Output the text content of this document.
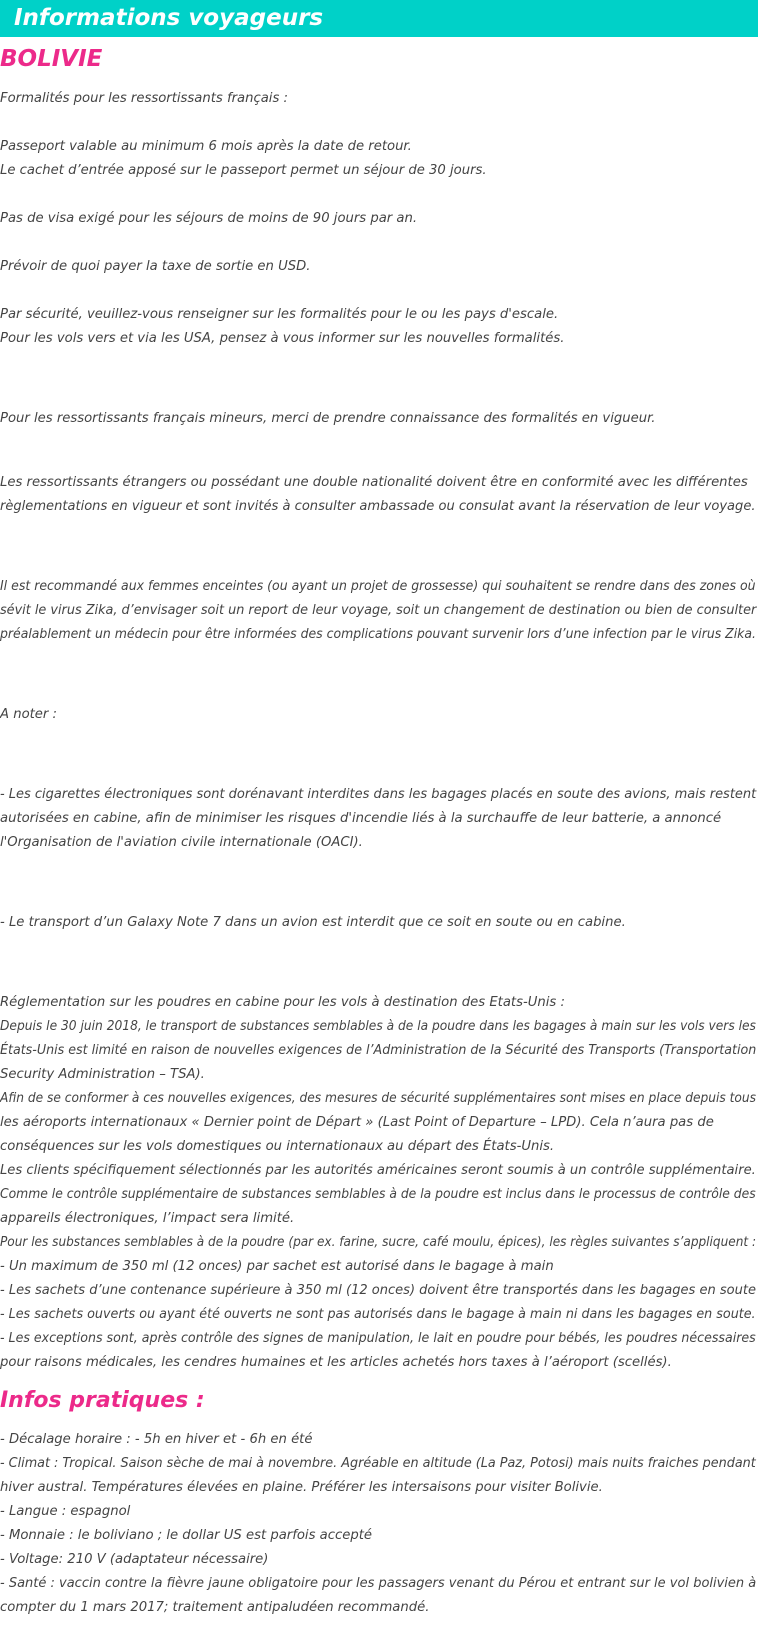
Informations voyageurs
BOLIVIE

Formalités pour les ressortissants français :

Passeport valable au minimum 6 mois après la date de retour.

Le cachet d’entrée apposé sur le passeport permet un séjour de 30 jours.

Pas de visa exigé pour les séjours de moins de 90 jours par an.

Prévoir de quoi payer la taxe de sortie en USD.

Par sécurité, veuillez-vous renseigner sur les formalités pour le ou les pays d'escale.

Pour les vols vers et via les USA, pensez à vous informer sur les nouvelles formalités.

Pour les ressortissants français mineurs, merci de prendre connaissance des formalités en vigueur.

Les ressortissants étrangers ou possédant une double nationalité doivent être en conformité avec les différentes

règlementations en vigueur et sont invités à consulter ambassade ou consulat avant la réservation de leur voyage.

Il est recommandé aux femmes enceintes (ou ayant un projet de grossesse) qui souhaitent se rendre dans des zones où

sévit le virus Zika, d’envisager soit un report de leur voyage, soit un changement de destination ou bien de consulter

préalablement un médecin pour être informées des complications pouvant survenir lors d’une infection par le virus Zika.

A noter :

- Les cigarettes électroniques sont dorénavant interdites dans les bagages placés en soute des avions, mais restent

autorisées en cabine, afin de minimiser les risques d'incendie liés à la surchauffe de leur batterie, a annoncé

l'Organisation de l'aviation civile internationale (OACI).

- Le transport d’un Galaxy Note 7 dans un avion est interdit que ce soit en soute ou en cabine.

Réglementation sur les poudres en cabine pour les vols à destination des Etats-Unis :

Depuis le 30 juin 2018, le transport de substances semblables à de la poudre dans les bagages à main sur les vols vers les

États-Unis est limité en raison de nouvelles exigences de l’Administration de la Sécurité des Transports (Transportation

Security Administration – TSA).

Afin de se conformer à ces nouvelles exigences, des mesures de sécurité supplémentaires sont mises en place depuis tous

les aéroports internationaux « Dernier point de Départ » (Last Point of Departure – LPD). Cela n’aura pas de

conséquences sur les vols domestiques ou internationaux au départ des États-Unis.

Les clients spécifiquement sélectionnés par les autorités américaines seront soumis à un contrôle supplémentaire.

Comme le contrôle supplémentaire de substances semblables à de la poudre est inclus dans le processus de contrôle des

appareils électroniques, l’impact sera limité.

Pour les substances semblables à de la poudre (par ex. farine, sucre, café moulu, épices), les règles suivantes s’appliquent :

- Un maximum de 350 ml (12 onces) par sachet est autorisé dans le bagage à main

- Les sachets d’une contenance supérieure à 350 ml (12 onces) doivent être transportés dans les bagages en soute

- Les sachets ouverts ou ayant été ouverts ne sont pas autorisés dans le bagage à main ni dans les bagages en soute.

- Les exceptions sont, après contrôle des signes de manipulation, le lait en poudre pour bébés, les poudres nécessaires

pour raisons médicales, les cendres humaines et les articles achetés hors taxes à l’aéroport (scellés).

Infos pratiques :

- Décalage horaire : - 5h en hiver et - 6h en été

- Climat : Tropical. Saison sèche de mai à novembre. Agréable en altitude (La Paz, Potosi) mais nuits fraiches pendant

hiver austral. Températures élevées en plaine. Préférer les intersaisons pour visiter Bolivie.

- Langue : espagnol

- Monnaie : le boliviano ; le dollar US est parfois accepté

- Voltage: 210 V (adaptateur nécessaire)

- Santé : vaccin contre la fièvre jaune obligatoire pour les passagers venant du Pérou et entrant sur le vol bolivien à

compter du 1 mars 2017; traitement antipaludéen recommandé.
